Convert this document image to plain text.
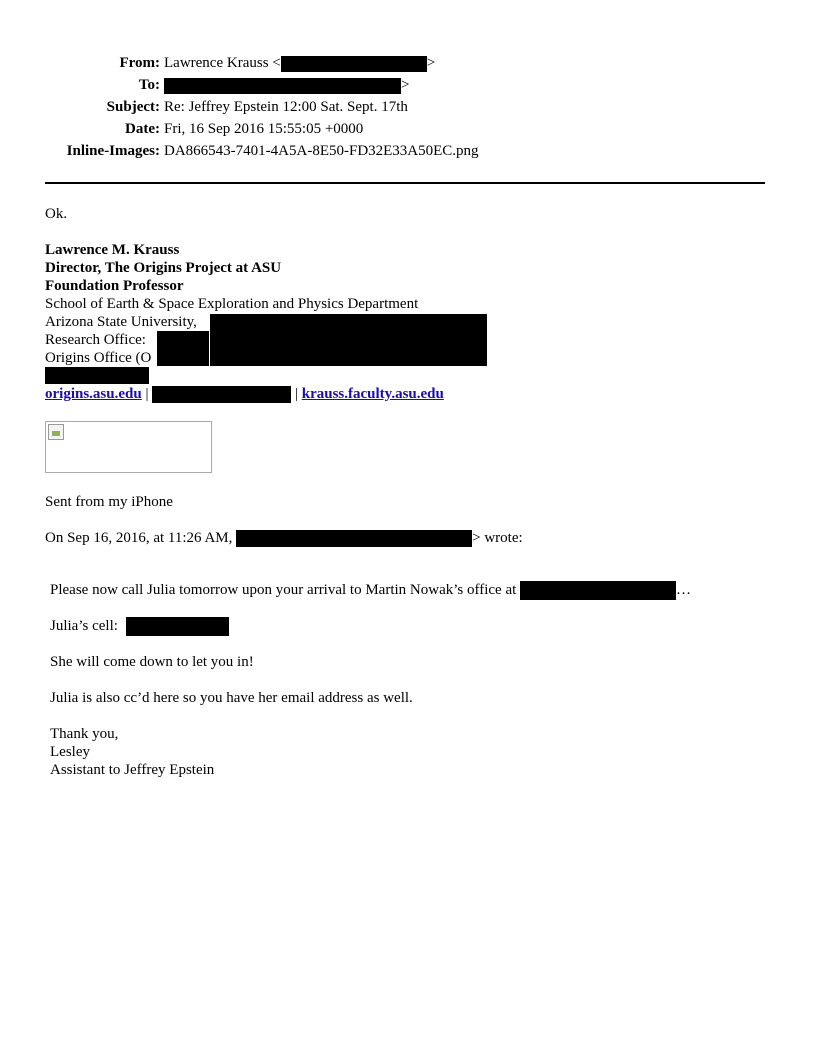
From: Lawrence Krauss <	>
To:	>
Subject: Re: Jeffrey Epstein 12:00 Sat. Sept. 17th
Date: Fri, 16 Sep 2016 15:55:05 +0000
Inline-Images: DA866543-7401-4A5A-8E50-FD32E33A50EC.png
Ok.
Lawrence M. Krauss
Director, The Origins Project at ASU
Foundation Professor
School of Earth & Space Exploration and Physics Department
Arizona State University,
Research Office:
Origins Office (O
origins.asu.edu |	| krauss.faculty.asu.edu
Sent from my iPhone
On Sep 16, 2016, at 11:26 AM,	> wrote:
Please now call Julia tomorrow upon your arrival to Martin Nowak’s office at	…
Julia’s cell:
She will come down to let you in!
Julia is also cc’d here so you have her email address as well.
Thank you,
Lesley
Assistant to Jeffrey Epstein
